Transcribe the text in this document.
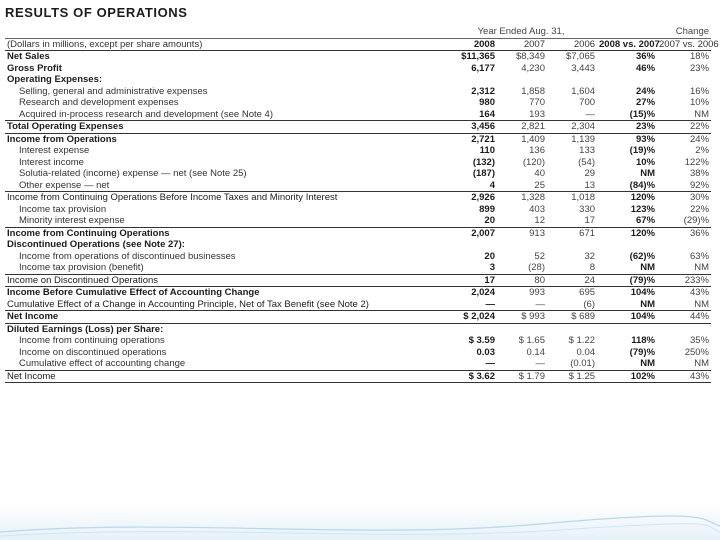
RESULTS OF OPERATIONS
	Year Ended Aug. 31,				Change
(Dollars in millions, except per share amounts)	2008	2007	2006	2008 vs. 2007	2007 vs. 2006
Net Sales	$11,365	$8,349	$7,065	36%	18%
Gross Profit	6,177	4,230	3,443	46%	23%
Operating Expenses:					
Selling, general and administrative expenses	2,312	1,858	1,604	24%	16%
Research and development expenses	980	770	700	27%	10%
Acquired in-process research and development (see Note 4)	164	193	—	(15)%	NM
Total Operating Expenses	3,456	2,821	2,304	23%	22%
Income from Operations	2,721	1,409	1,139	93%	24%
Interest expense	110	136	133	(19)%	2%
Interest income	(132)	(120)	(54)	10%	122%
Solutia-related (income) expense — net (see Note 25)	(187)	40	29	NM	38%
Other expense — net	4	25	13	(84)%	92%
Income from Continuing Operations Before Income Taxes and Minority Interest	2,926	1,328	1,018	120%	30%
Income tax provision	899	403	330	123%	22%
Minority interest expense	20	12	17	67%	(29)%
Income from Continuing Operations	2,007	913	671	120%	36%
Discontinued Operations (see Note 27):					
Income from operations of discontinued businesses	20	52	32	(62)%	63%
Income tax provision (benefit)	3	(28)	8	NM	NM
Income on Discontinued Operations	17	80	24	(79)%	233%
Income Before Cumulative Effect of Accounting Change	2,024	993	695	104%	43%
Cumulative Effect of a Change in Accounting Principle, Net of Tax Benefit (see Note 2)	—	—	(6)	NM	NM
Net Income	$ 2,024	$ 993	$ 689	104%	44%
Diluted Earnings (Loss) per Share:					
Income from continuing operations	$ 3.59	$ 1.65	$ 1.22	118%	35%
Income on discontinued operations	0.03	0.14	0.04	(79)%	250%
Cumulative effect of accounting change	—	—	(0.01)	NM	NM
Net Income	$ 3.62	$ 1.79	$ 1.25	102%	43%
